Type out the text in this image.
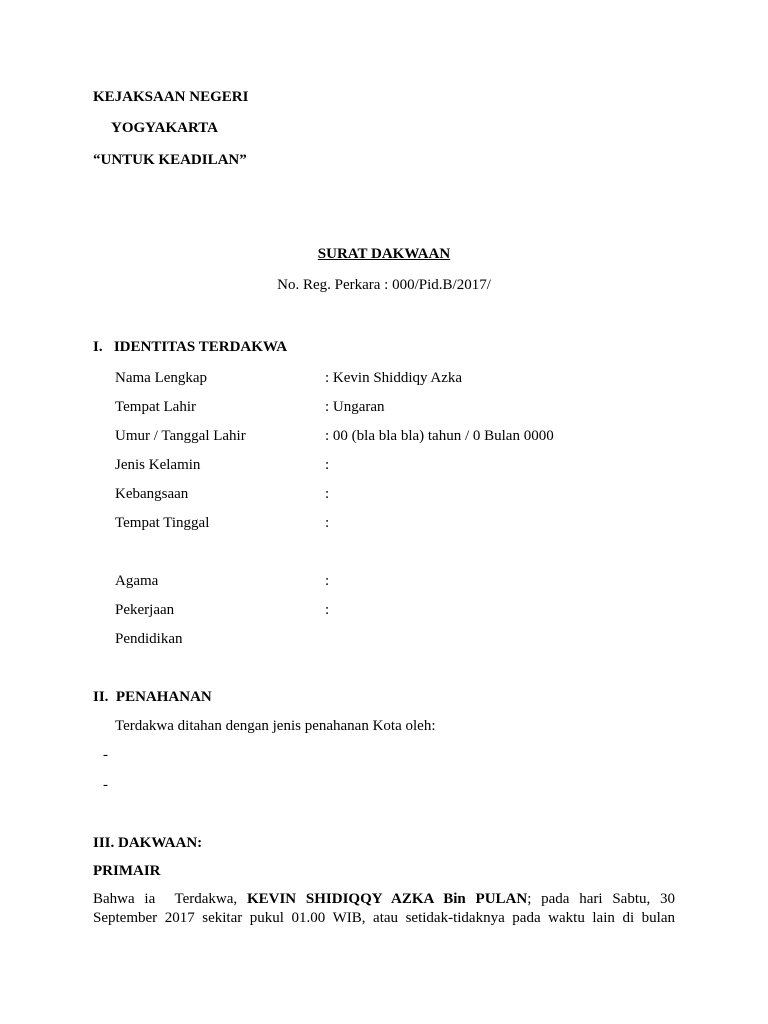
KEJAKSAAN NEGERI
YOGYAKARTA
“UNTUK KEADILAN”
SURAT DAKWAAN
No. Reg. Perkara : 000/Pid.B/2017/
I.   IDENTITAS TERDAKWA
Nama Lengkap	: Kevin Shiddiqy Azka
Tempat Lahir	: Ungaran
Umur / Tanggal Lahir	: 00 (bla bla bla) tahun / 0 Bulan 0000
Jenis Kelamin	:
Kebangsaan	:
Tempat Tinggal	:
Agama	:
Pekerjaan	:
Pendidikan
II.  PENAHANAN
Terdakwa ditahan dengan jenis penahanan Kota oleh:
-
-
III. DAKWAAN:
PRIMAIR
Bahwa ia  Terdakwa, KEVIN SHIDIQQY AZKA Bin PULAN; pada hari Sabtu, 30
September 2017 sekitar pukul 01.00 WIB, atau setidak-tidaknya pada waktu lain di bulan
